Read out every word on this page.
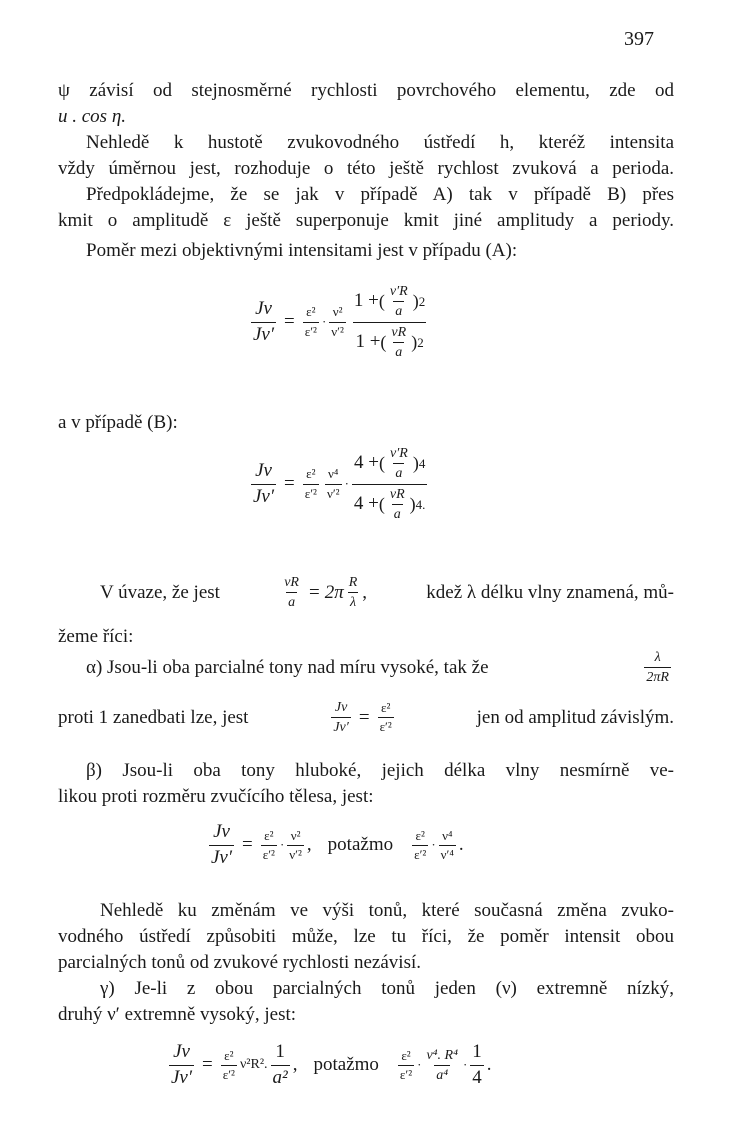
397
ψ závisí od stejnosměrné rychlosti povrchového elementu, zde od
u . cos η.
Nehledě k hustotě zvukovodného ústředí h, kteréž intensita
vždy úměrnou jest, rozhoduje o této ještě rychlost zvuková a perioda.
Předpokládejme, že se jak v případě A) tak v případě B) přes
kmit o amplitudě ε ještě superponuje kmit jiné amplitudy a periody.
Poměr mezi objektivnými intensitami jest v případu (A):
$\frac{J\nu}{J\nu'} = \frac{\text{ε²}}{\text{ε′²}} \cdot \frac{\text{ν²}}{\text{ν′²}} \frac{1 + ( \frac{\nu'R}{a} ) 2}{1 + ( \frac{\nu R}{a} ) 2}$
a v případě (B):
$\frac{J\nu}{J\nu'} = \frac{\text{ε²}}{\text{ε′²}} \frac{\text{ν⁴}}{\text{ν′²}} \cdot \frac{4 + ( \frac{\nu'R}{a} ) 4}{4 + ( \frac{\nu R}{a} ) 4.}$
V úvaze, že jest	$\frac{\nu R}{a} = 2\pi \frac{R}{\lambda}$ ,	kdež λ délku vlny znamená, mů-
žeme říci:
α) Jsou-li oba parcialné tony nad míru vysoké, tak že	$\frac{\lambda}{2\pi R}$
proti 1 zanedbati lze, jest	$\frac{J\nu}{J\nu'} = \frac{\text{ε²}}{\text{ε′²}}$	jen od amplitud závislým.
β) Jsou-li oba tony hluboké, jejich délka vlny nesmírně ve-
likou proti rozměru zvučícího tělesa, jest:
$\frac{J\nu}{J\nu'} = \frac{\text{ε²}}{\text{ε′²}} \cdot \frac{\text{ν²}}{\text{ν′²}}$ , potažmo $\frac{\text{ε²}}{\text{ε′²}} \cdot \frac{\text{ν⁴}}{\text{ν′⁴}}$ .
Nehledě ku změnám ve výši tonů, které současná změna zvuko-
vodného ústředí způsobiti může, lze tu říci, že poměr intensit obou
parcialných tonů od zvukové rychlosti nezávisí.
γ) Je-li z obou parcialných tonů jeden (ν) extremně nízký,
druhý ν′ extremně vysoký, jest:
$\frac{J\nu}{J\nu'} = \frac{\text{ε²}}{\text{ε′²}} \nu^2R^2$. $\frac{1}{\text{a²}}$ , potažmo $\frac{\text{ε²}}{\text{ε′²}} \cdot \frac{\text{ν⁴. R⁴}}{\text{a⁴}} \cdot \frac{1}{4}$ .
